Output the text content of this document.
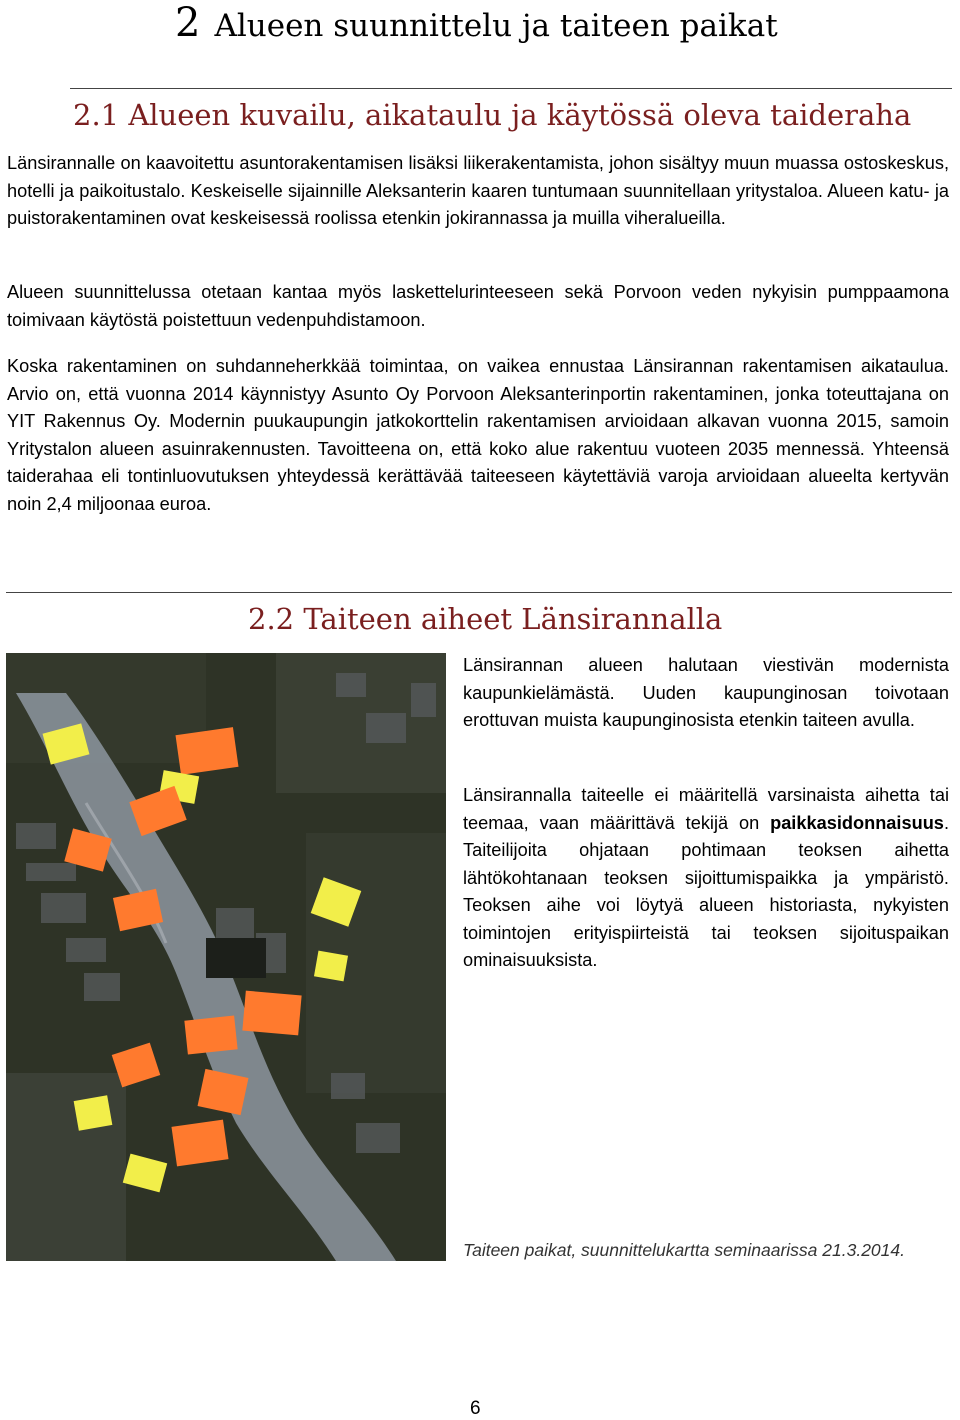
2 Alueen suunnittelu ja taiteen paikat
2.1 Alueen kuvailu, aikataulu ja käytössä oleva taideraha
Länsirannalle on kaavoitettu asuntorakentamisen lisäksi liikerakentamista, johon sisältyy muun muassa ostoskeskus, hotelli ja paikoitustalo. Keskeiselle sijainnille Aleksanterin kaaren tuntumaan suunnitellaan yritystaloa. Alueen katu- ja puistorakentaminen ovat keskeisessä roolissa etenkin jokirannassa ja muilla viheralueilla.
Alueen suunnittelussa otetaan kantaa myös laskettelurinteeseen sekä Porvoon veden nykyisin pumppaamona toimivaan käytöstä poistettuun vedenpuhdistamoon.
Koska rakentaminen on suhdanneherkkää toimintaa, on vaikea ennustaa Länsirannan rakentamisen aikataulua. Arvio on, että vuonna 2014 käynnistyy Asunto Oy Porvoon Aleksanterinportin rakentaminen, jonka toteuttajana on YIT Rakennus Oy. Modernin puukaupungin jatkokorttelin rakentamisen arvioidaan alkavan vuonna 2015, samoin Yritystalon alueen asuinrakennusten. Tavoitteena on, että koko alue rakentuu vuoteen 2035 mennessä. Yhteensä taiderahaa eli tontinluovutuksen yhteydessä kerättävää taiteeseen käytettäviä varoja arvioidaan alueelta kertyvän noin 2,4 miljoonaa euroa.
2.2 Taiteen aiheet Länsirannalla
Länsirannan alueen halutaan viestivän modernista kaupunkielämästä. Uuden kaupunginosan toivotaan erottuvan muista kaupunginosista etenkin taiteen avulla.
Länsirannalla taiteelle ei määritellä varsinaista aihetta tai teemaa, vaan määrittävä tekijä on paikkasidonnaisuus. Taiteilijoita ohjataan pohtimaan teoksen aihetta lähtökohtanaan teoksen sijoittumispaikka ja ympäristö. Teoksen aihe voi löytyä alueen historiasta, nykyisten toimintojen erityispiirteistä tai teoksen sijoituspaikan ominaisuuksista.
Taiteen paikat, suunnittelukartta seminaarissa 21.3.2014.
6
